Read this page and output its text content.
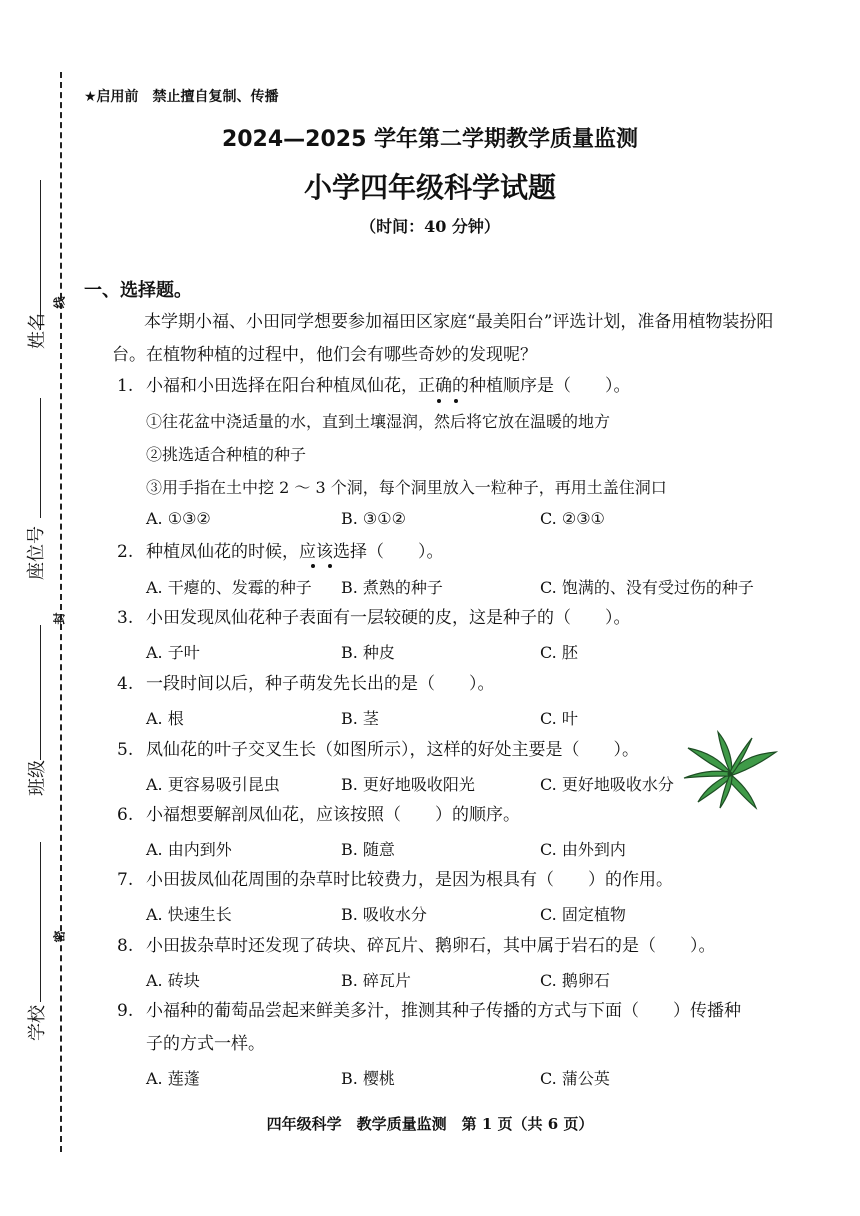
姓名
线
座位号
封
班级
密
学校
★启用前　禁止擅自复制、传播
2024—2025 学年第二学期教学质量监测
小学四年级科学试题
（时间：40 分钟）
一、选择题。
本学期小福、小田同学想要参加福田区家庭“最美阳台”评选计划，准备用植物装扮阳台。在植物种植的过程中，他们会有哪些奇妙的发现呢？
1. 小福和小田选择在阳台种植凤仙花，正确的种植顺序是（　　）。
①往花盆中浇适量的水，直到土壤湿润，然后将它放在温暖的地方
②挑选适合种植的种子
③用手指在土中挖 2 ～ 3 个洞，每个洞里放入一粒种子，再用土盖住洞口
A. ①③②	B. ③①②	C. ②③①
2. 种植凤仙花的时候，应该选择（　　）。
A. 干瘪的、发霉的种子 B. 煮熟的种子	C. 饱满的、没有受过伤的种子
3. 小田发现凤仙花种子表面有一层较硬的皮，这是种子的（　　）。
A. 子叶	B. 种皮	C. 胚
4. 一段时间以后，种子萌发先长出的是（　　）。
A. 根	B. 茎	C. 叶
5. 凤仙花的叶子交叉生长（如图所示），这样的好处主要是（　　）。
A. 更容易吸引昆虫	B. 更好地吸收阳光	C. 更好地吸收水分
6. 小福想要解剖凤仙花，应该按照（　　）的顺序。
A. 由内到外	B. 随意	C. 由外到内
7. 小田拔凤仙花周围的杂草时比较费力，是因为根具有（　　）的作用。
A. 快速生长	B. 吸收水分	C. 固定植物
8. 小田拔杂草时还发现了砖块、碎瓦片、鹅卵石，其中属于岩石的是（　　）。
A. 砖块	B. 碎瓦片	C. 鹅卵石
9. 小福种的葡萄品尝起来鲜美多汁，推测其种子传播的方式与下面（　　）传播种
子的方式一样。
A. 莲蓬	B. 樱桃	C. 蒲公英
四年级科学　教学质量监测　第 1 页（共 6 页）
